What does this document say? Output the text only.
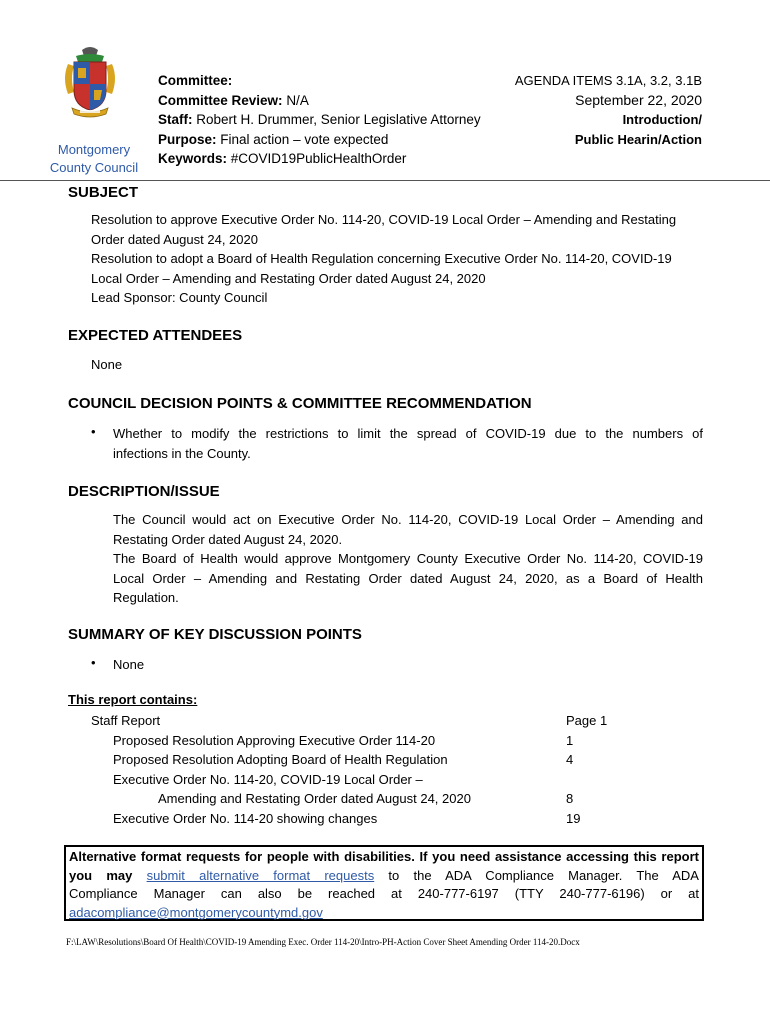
Montgomery
County Council
Committee:
Committee Review: N/A
Staff: Robert H. Drummer, Senior Legislative Attorney
Purpose: Final action – vote expected
Keywords: #COVID19PublicHealthOrder
AGENDA ITEMS 3.1A, 3.2, 3.1B
September 22, 2020
Introduction/
Public Hearin/Action
SUBJECT
Resolution to approve Executive Order No. 114-20, COVID-19 Local Order – Amending and Restating
Order dated August 24, 2020
Resolution to adopt a Board of Health Regulation concerning Executive Order No. 114-20, COVID-19
Local Order – Amending and Restating Order dated August 24, 2020
Lead Sponsor: County Council
EXPECTED ATTENDEES
None
COUNCIL DECISION POINTS & COMMITTEE RECOMMENDATION
• Whether to modify the restrictions to limit the spread of COVID-19 due to the numbers of
infections in the County.
DESCRIPTION/ISSUE
The Council would act on Executive Order No. 114-20, COVID-19 Local Order – Amending and
Restating Order dated August 24, 2020.
The Board of Health would approve Montgomery County Executive Order No. 114-20, COVID-19
Local Order – Amending and Restating Order dated August 24, 2020, as a Board of Health
Regulation.
SUMMARY OF KEY DISCUSSION POINTS
• None
This report contains:
Staff Report	Page 1
Proposed Resolution Approving Executive Order 114-20	1
Proposed Resolution Adopting Board of Health Regulation	4
Executive Order No. 114-20, COVID-19 Local Order –
Amending and Restating Order dated August 24, 2020	8
Executive Order No. 114-20 showing changes	19
Alternative format requests for people with disabilities. If you need assistance accessing this report
you may submit alternative format requests to the ADA Compliance Manager. The ADA
Compliance Manager can also be reached at 240-777-6197 (TTY 240-777-6196) or at
adacompliance@montgomerycountymd.gov
F:\LAW\Resolutions\Board Of Health\COVID-19 Amending Exec. Order 114-20\Intro-PH-Action Cover Sheet Amending Order 114-20.Docx
